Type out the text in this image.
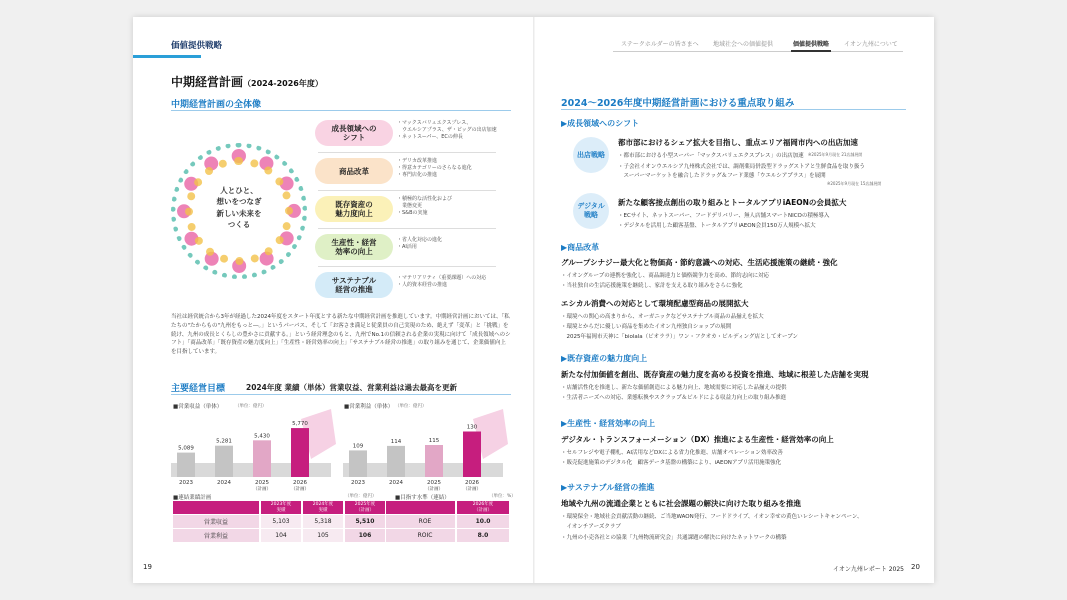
価値提供戦略
中期経営計画（2024-2026年度）
中期経営計画の全体像
人とひと、
想いをつなぎ
新しい未来を
つくる
成長領域への
シフト
・マックスバリュエクスプレス、
　ウエルシアプラス、ザ・ビッグの出店加速
・ネットスーパー、ECの伸長
商品改革
・デリカ改革推進
・得意カテゴリーのさらなる進化
・専門店化の推進
既存資産の
魅力度向上
・積極的な活性化および
　業態変更
・S&Bの実施
生産性・経営
効率の向上
・省人化対応の進化
・AI活用
サステナブル
経営の推進
・マテリアリティ（重要課題）への対応
・人的資本経営の推進
当社は経営統合から3年が経過した2024年度をスタート年度とする新たな中期経営計画を推進しています。中期経営計画においては、「私たちの"たからもの"九州をもっと―。」というパーパス、そして「お客さま満足と従業員の自己実現のため、絶えず「変革」と「挑戦」を続け、九州の成長とくらしの豊かさに貢献する。」という経営理念のもと、九州でNo.1の信頼される企業の実現に向けて「成長領域へのシフト」「商品改革」「既存資産の魅力度向上」「生産性・経営効率の向上」「サステナブル経営の推進」の取り組みを通じて、企業価値向上を目指しています。
主要経営目標	2024年度 業績（単体）営業収益、営業利益は過去最高を更新
■営業収益（単体）	（単位：億円）	■営業利益（単体） （単位：億円）
5,089
2023
5,281
2024
5,430
2025
（計画）
5,770
2026
（計画）
109
2023
114
2024
115
2025
（計画）
130
2026
（計画）
■連結業績計画	（単位：億円）	■目指す水準（連結）	（単位：%）
19
ステークホルダーの皆さまへ 地域社会への価値提供	価値提供戦略 イオン九州について
2024～2026年度中期経営計画における重点取り組み
▶成長領域へのシフト
出店戦略
都市部におけるシェア拡大を目指し、重点エリア福岡市内への出店加速
・都市部における小型スーパー「マックスバリュエクスプレス」の出店加速 ※2025年9月現在 21店舗展開
・子会社イオンウエルシア九州株式会社では、調剤薬局併設型ドラッグストアと生鮮食品を取り扱う
　スーパーマーケットを融合したドラッグ＆フード業態「ウエルシアプラス」を展開
※2025年9月現在 15店舗展開
デジタル
戦略
新たな顧客接点創出の取り組みとトータルアプリiAEONの会員拡大
・ECサイト、ネットスーパー、フードデリバリー、無人店舗スマートNICOの積極導入
・デジタルを活用した顧客基盤、トータルアプリiAEON会員150万人規模へ拡大
▶商品改革
グループシナジー最大化と物価高・節約意識への対応、生活応援施策の継続・強化
・イオングループの連携を強化し、商品調達力と価格競争力を高め、節約志向に対応
・当社独自の生活応援施策を継続し、家計を支える取り組みをさらに強化
エシカル消費への対応として環境配慮型商品の展開拡大
・環境への関心の高まりから、オーガニックなどサステナブル商品の品揃えを拡大
・環境とからだに優しい商品を集めたイオン九州独自ショップの展開
　2025年福岡市天神に「biolala（ビオララ）」ワン・フクオカ・ビルディング店としてオープン
▶既存資産の魅力度向上
新たな付加価値を創出、既存資産の魅力度を高める投資を推進、地域に根差した店舗を実現
・店舗活性化を推進し、新たな価値創造による魅力向上、地域需要に対応した品揃えの提供
・生活者ニーズへの対応、業態転換やスクラップ＆ビルドによる収益力向上の取り組み推進
▶生産性・経営効率の向上
デジタル・トランスフォーメーション（DX）推進による生産性・経営効率の向上
・セルフレジや電子棚札、AI活用などDXによる省力化推進、店舗オペレーション効率改善
・販売促進施策のデジタル化　顧客データ基盤の構築により、iAEONアプリ活用施策強化
▶サステナブル経営の推進
地域や九州の流通企業とともに社会課題の解決に向けた取り組みを推進
・環境保全・地域社会貢献活動の継続、ご当地WAON発行、フードドライブ、イオン幸せの黄色いレシートキャンペーン、
　イオンチアーズクラブ
・九州の小売各社との協業「九州物流研究会」共通課題の解決に向けたネットワークの構築
イオン九州レポート 2025 20
2023年度
実績
2024年度
実績
2025年度
（計画）
営業収益	5,103	5,318	5,510
営業利益	104	105	106
2026年度
（計画）
ROE	10.0
ROIC	8.0
